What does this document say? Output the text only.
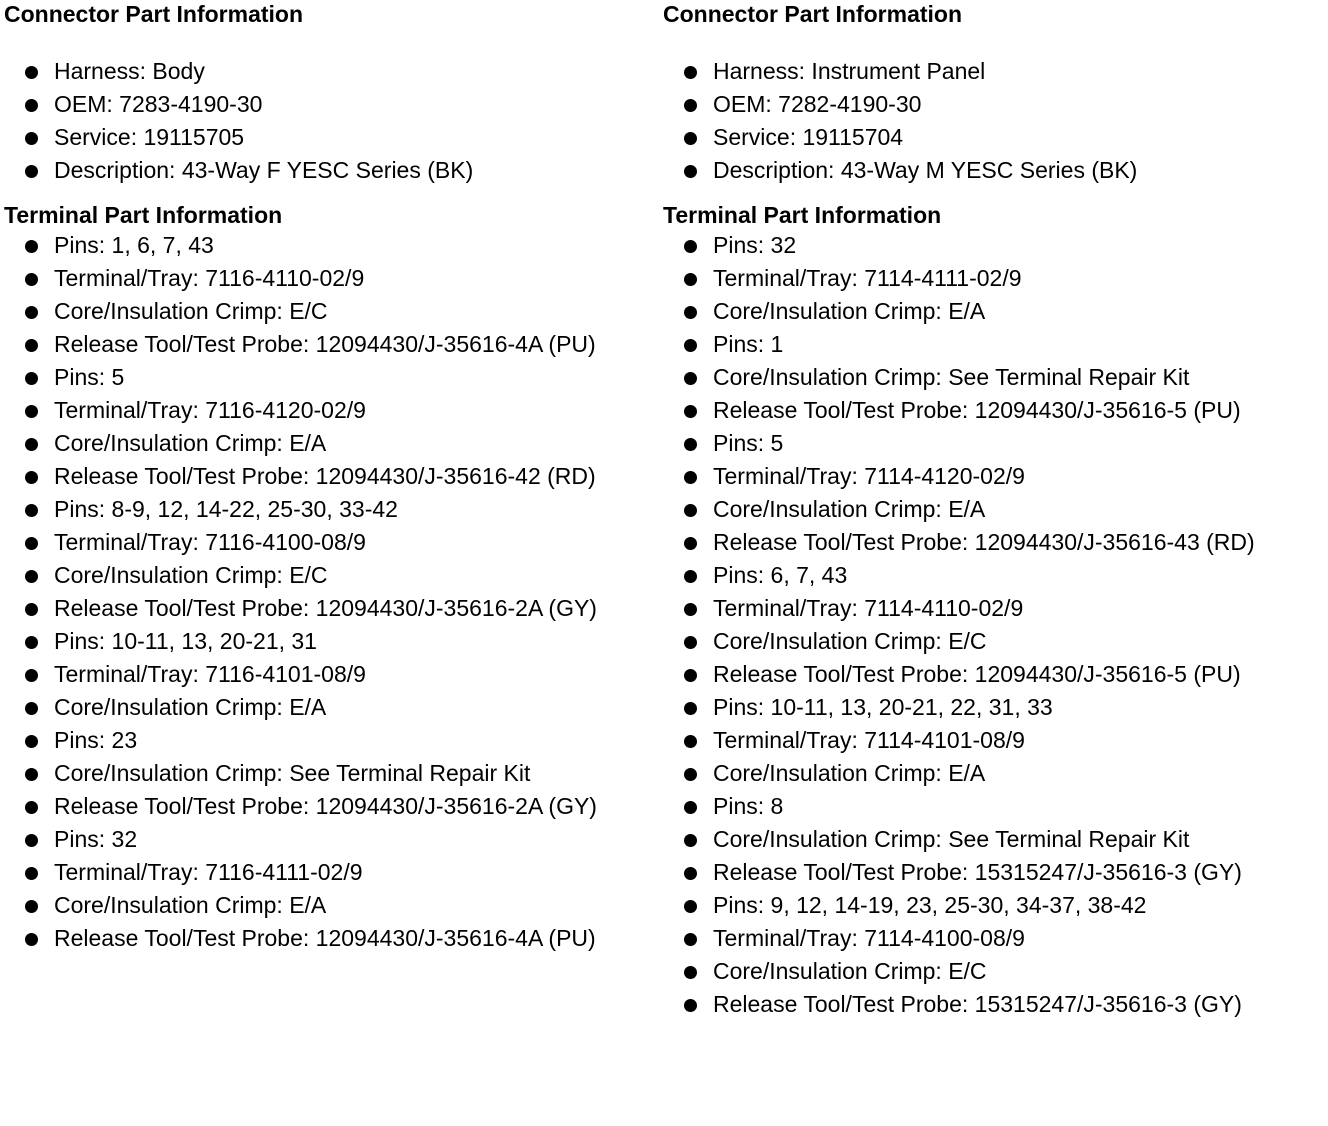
Connector Part Information
Harness: Body
OEM: 7283-4190-30
Service: 19115705
Description: 43-Way F YESC Series (BK)
Terminal Part Information
Pins: 1, 6, 7, 43
Terminal/Tray: 7116-4110-02/9
Core/Insulation Crimp: E/C
Release Tool/Test Probe: 12094430/J-35616-4A (PU)
Pins: 5
Terminal/Tray: 7116-4120-02/9
Core/Insulation Crimp: E/A
Release Tool/Test Probe: 12094430/J-35616-42 (RD)
Pins: 8-9, 12, 14-22, 25-30, 33-42
Terminal/Tray: 7116-4100-08/9
Core/Insulation Crimp: E/C
Release Tool/Test Probe: 12094430/J-35616-2A (GY)
Pins: 10-11, 13, 20-21, 31
Terminal/Tray: 7116-4101-08/9
Core/Insulation Crimp: E/A
Pins: 23
Core/Insulation Crimp: See Terminal Repair Kit
Release Tool/Test Probe: 12094430/J-35616-2A (GY)
Pins: 32
Terminal/Tray: 7116-4111-02/9
Core/Insulation Crimp: E/A
Release Tool/Test Probe: 12094430/J-35616-4A (PU)
Connector Part Information
Harness: Instrument Panel
OEM: 7282-4190-30
Service: 19115704
Description: 43-Way M YESC Series (BK)
Terminal Part Information
Pins: 32
Terminal/Tray: 7114-4111-02/9
Core/Insulation Crimp: E/A
Pins: 1
Core/Insulation Crimp: See Terminal Repair Kit
Release Tool/Test Probe: 12094430/J-35616-5 (PU)
Pins: 5
Terminal/Tray: 7114-4120-02/9
Core/Insulation Crimp: E/A
Release Tool/Test Probe: 12094430/J-35616-43 (RD)
Pins: 6, 7, 43
Terminal/Tray: 7114-4110-02/9
Core/Insulation Crimp: E/C
Release Tool/Test Probe: 12094430/J-35616-5 (PU)
Pins: 10-11, 13, 20-21, 22, 31, 33
Terminal/Tray: 7114-4101-08/9
Core/Insulation Crimp: E/A
Pins: 8
Core/Insulation Crimp: See Terminal Repair Kit
Release Tool/Test Probe: 15315247/J-35616-3 (GY)
Pins: 9, 12, 14-19, 23, 25-30, 34-37, 38-42
Terminal/Tray: 7114-4100-08/9
Core/Insulation Crimp: E/C
Release Tool/Test Probe: 15315247/J-35616-3 (GY)
